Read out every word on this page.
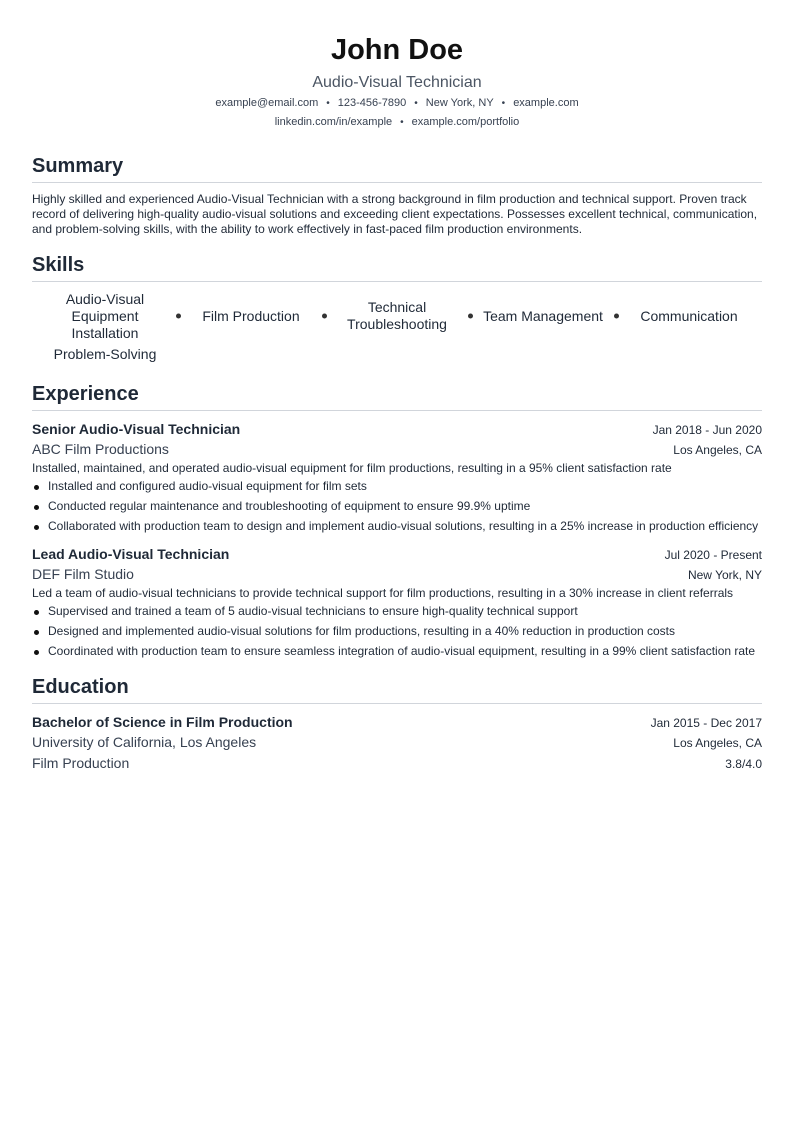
John Doe
Audio-Visual Technician
example@email.com • 123-456-7890 • New York, NY • example.com
linkedin.com/in/example • example.com/portfolio
Summary
Highly skilled and experienced Audio-Visual Technician with a strong background in film production and technical support. Proven track record of delivering high-quality audio-visual solutions and exceeding client expectations. Possesses excellent technical, communication, and problem-solving skills, with the ability to work effectively in fast-paced film production environments.
Skills
Audio-Visual Equipment Installation
Film Production
Technical Troubleshooting
Team Management	Communication
Problem-Solving
Experience
Senior Audio-Visual Technician	Jan 2018 - Jun 2020
ABC Film Productions	Los Angeles, CA
Installed, maintained, and operated audio-visual equipment for film productions, resulting in a 95% client satisfaction rate
Installed and configured audio-visual equipment for film sets
Conducted regular maintenance and troubleshooting of equipment to ensure 99.9% uptime
Collaborated with production team to design and implement audio-visual solutions, resulting in a 25% increase in production efficiency
Lead Audio-Visual Technician	Jul 2020 - Present
DEF Film Studio	New York, NY
Led a team of audio-visual technicians to provide technical support for film productions, resulting in a 30% increase in client referrals
Supervised and trained a team of 5 audio-visual technicians to ensure high-quality technical support
Designed and implemented audio-visual solutions for film productions, resulting in a 40% reduction in production costs
Coordinated with production team to ensure seamless integration of audio-visual equipment, resulting in a 99% client satisfaction rate
Education
Bachelor of Science in Film Production	Jan 2015 - Dec 2017
University of California, Los Angeles	Los Angeles, CA
Film Production	3.8/4.0
